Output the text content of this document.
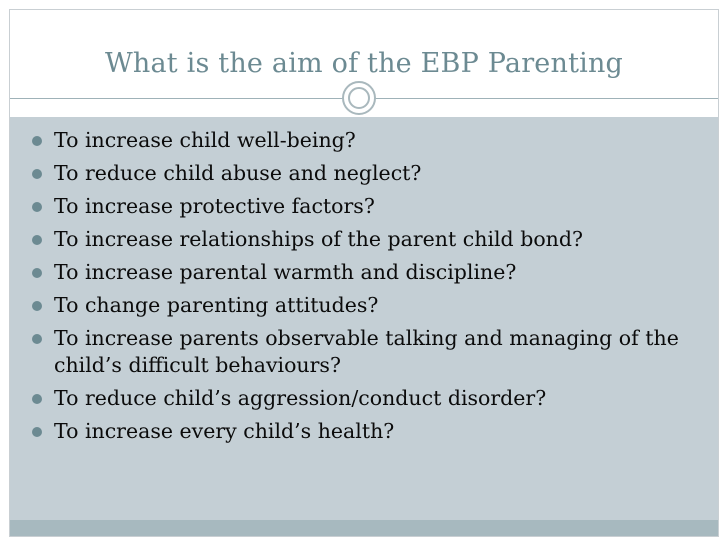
What is the aim of the EBP Parenting
To increase child well-being?
To reduce child abuse and neglect?
To increase protective factors?
To increase relationships of the parent child bond?
To increase parental warmth and discipline?
To change parenting attitudes?
To increase parents observable talking and managing of the child’s difficult behaviours?
To reduce child’s aggression/conduct disorder?
To increase every child’s health?
